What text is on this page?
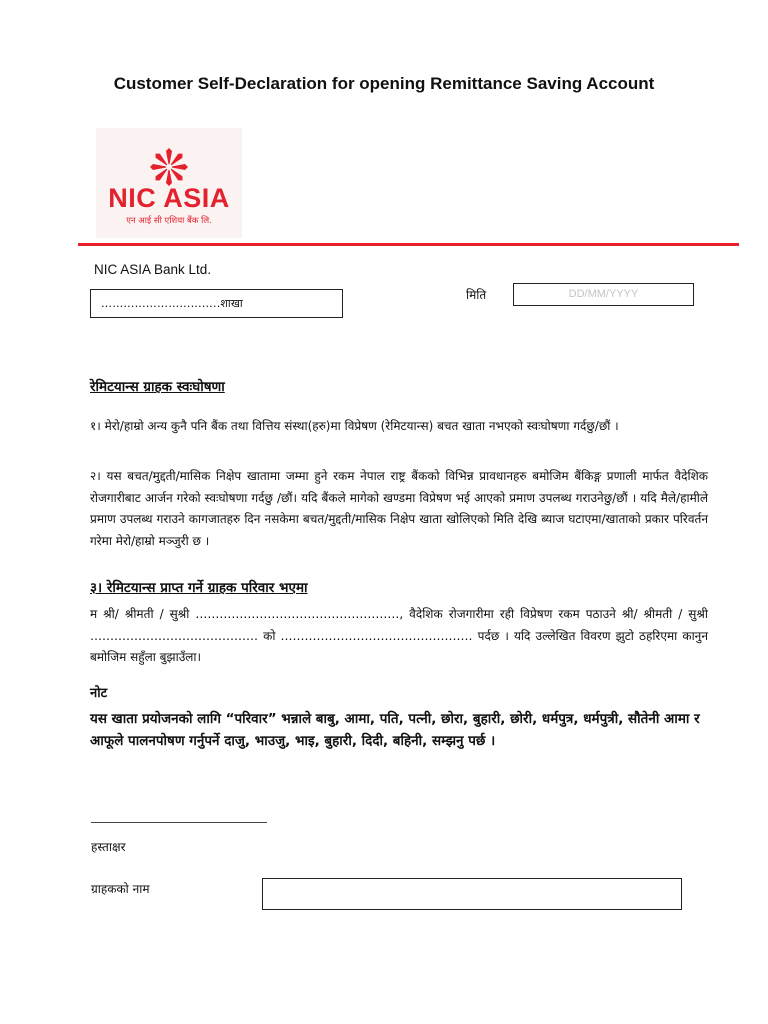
Customer Self-Declaration for opening Remittance Saving Account
NIC ASIA
एन आई सी एशिया बैंक लि.
NIC ASIA Bank Ltd.
…………………………..शाखा
मिति	DD/MM/YYYY
रेमिटयान्स ग्राहक स्वःघोषणा
१। मेरो/हाम्रो अन्य कुनै पनि बैंक तथा वित्तिय संस्था(हरु)मा विप्रेषण (रेमिटयान्स) बचत खाता नभएको स्वःघोषणा गर्दछु/छौं ।
२। यस बचत/मुद्दती/मासिक निक्षेप खातामा जम्मा हुने रकम नेपाल राष्ट्र बैंकको विभिन्न प्रावधानहरु बमोजिम बैंकिङ्ग प्रणाली मार्फत वैदेशिक रोजगारीबाट आर्जन गरेको स्वःघोषणा गर्दछु /छौं। यदि बैंकले मागेको खण्डमा विप्रेषण भई आएको प्रमाण उपलब्ध गराउनेछु/छौं । यदि मैले/हामीले प्रमाण उपलब्ध गराउने कागजातहरु दिन नसकेमा बचत/मुद्दती/मासिक निक्षेप खाता खोलिएको मिति देखि ब्याज घटाएमा/खाताको प्रकार परिवर्तन गरेमा मेरो/हाम्रो मञ्जुरी छ ।
३। रेमिटयान्स प्राप्त गर्ने ग्राहक परिवार भएमा
म श्री/ श्रीमती / सुश्री ……………………………………………, वैदेशिक रोजगारीमा रही विप्रेषण रकम पठाउने श्री/ श्रीमती / सुश्री …………………………………… को ………………………………………… पर्दछ । यदि उल्लेखित विवरण झुटो ठहरिएमा कानुन बमोजिम सहुँला बुझाउँला।
नोट
यस खाता प्रयोजनको लागि “परिवार” भन्नाले बाबु, आमा, पति, पत्नी, छोरा, बुहारी, छोरी, धर्मपुत्र, धर्मपुत्री, सौतेनी आमा र आफूले पालनपोषण गर्नुपर्ने दाजु, भाउजु, भाइ, बुहारी, दिदी, बहिनी, सम्झनु पर्छ ।
हस्ताक्षर
ग्राहकको नाम
